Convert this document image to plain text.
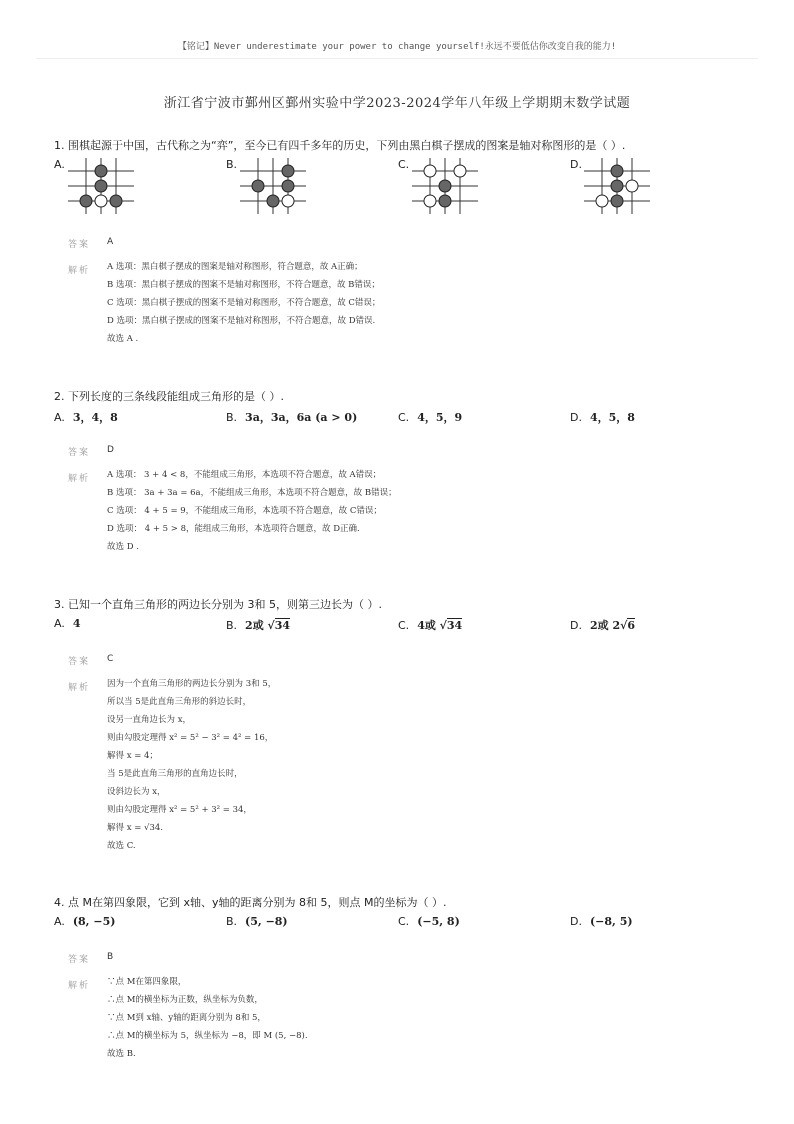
【铭记】Never underestimate your power to change yourself!永远不要低估你改变自我的能力!
浙江省宁波市鄞州区鄞州实验中学2023-2024学年八年级上学期期末数学试题
1. 围棋起源于中国，古代称之为“弈”，至今已有四千多年的历史，下列由黑白棋子摆成的图案是轴对称图形的是（ ）.
A.	B.	C.	D.
答案 A
解析 A 选项：黑白棋子摆成的图案是轴对称图形，符合题意，故 A正确；
B 选项：黑白棋子摆成的图案不是轴对称图形，不符合题意，故 B错误；
C 选项：黑白棋子摆成的图案不是轴对称图形，不符合题意，故 C错误；
D 选项：黑白棋子摆成的图案不是轴对称图形，不符合题意，故 D错误.
故选 A .
2. 下列长度的三条线段能组成三角形的是（ ）.
A. 3，4，8	B. 3a，3a，6a (a > 0)	C. 4，5，9	D. 4，5，8
答案 D
解析 A 选项： 3 + 4 < 8，不能组成三角形，本选项不符合题意，故 A错误；
B 选项： 3a + 3a = 6a，不能组成三角形，本选项不符合题意，故 B错误；
C 选项： 4 + 5 = 9，不能组成三角形，本选项不符合题意，故 C错误；
D 选项： 4 + 5 > 8，能组成三角形，本选项符合题意，故 D正确.
故选 D .
3. 已知一个直角三角形的两边长分别为 3和 5，则第三边长为（ ）.
A. 4	B. 2或 √34	C. 4或 √34	D. 2或 2√6
答案 C
解析 因为一个直角三角形的两边长分别为 3和 5，
所以当 5是此直角三角形的斜边长时，
设另一直角边长为 x，
则由勾股定理得 x² = 5² − 3² = 4² = 16，
解得 x = 4；
当 5是此直角三角形的直角边长时，
设斜边长为 x，
则由勾股定理得 x² = 5² + 3² = 34，
解得 x = √34.
故选 C.
4. 点 M在第四象限，它到 x轴、y轴的距离分别为 8和 5，则点 M的坐标为（ ）.
A. (8, −5)	B. (5, −8)	C. (−5, 8)	D. (−8, 5)
答案 B
解析 ∵点 M在第四象限，
∴点 M的横坐标为正数，纵坐标为负数，
∵点 M到 x轴、y轴的距离分别为 8和 5，
∴点 M的横坐标为 5，纵坐标为 −8，即 M (5, −8).
故选 B.
